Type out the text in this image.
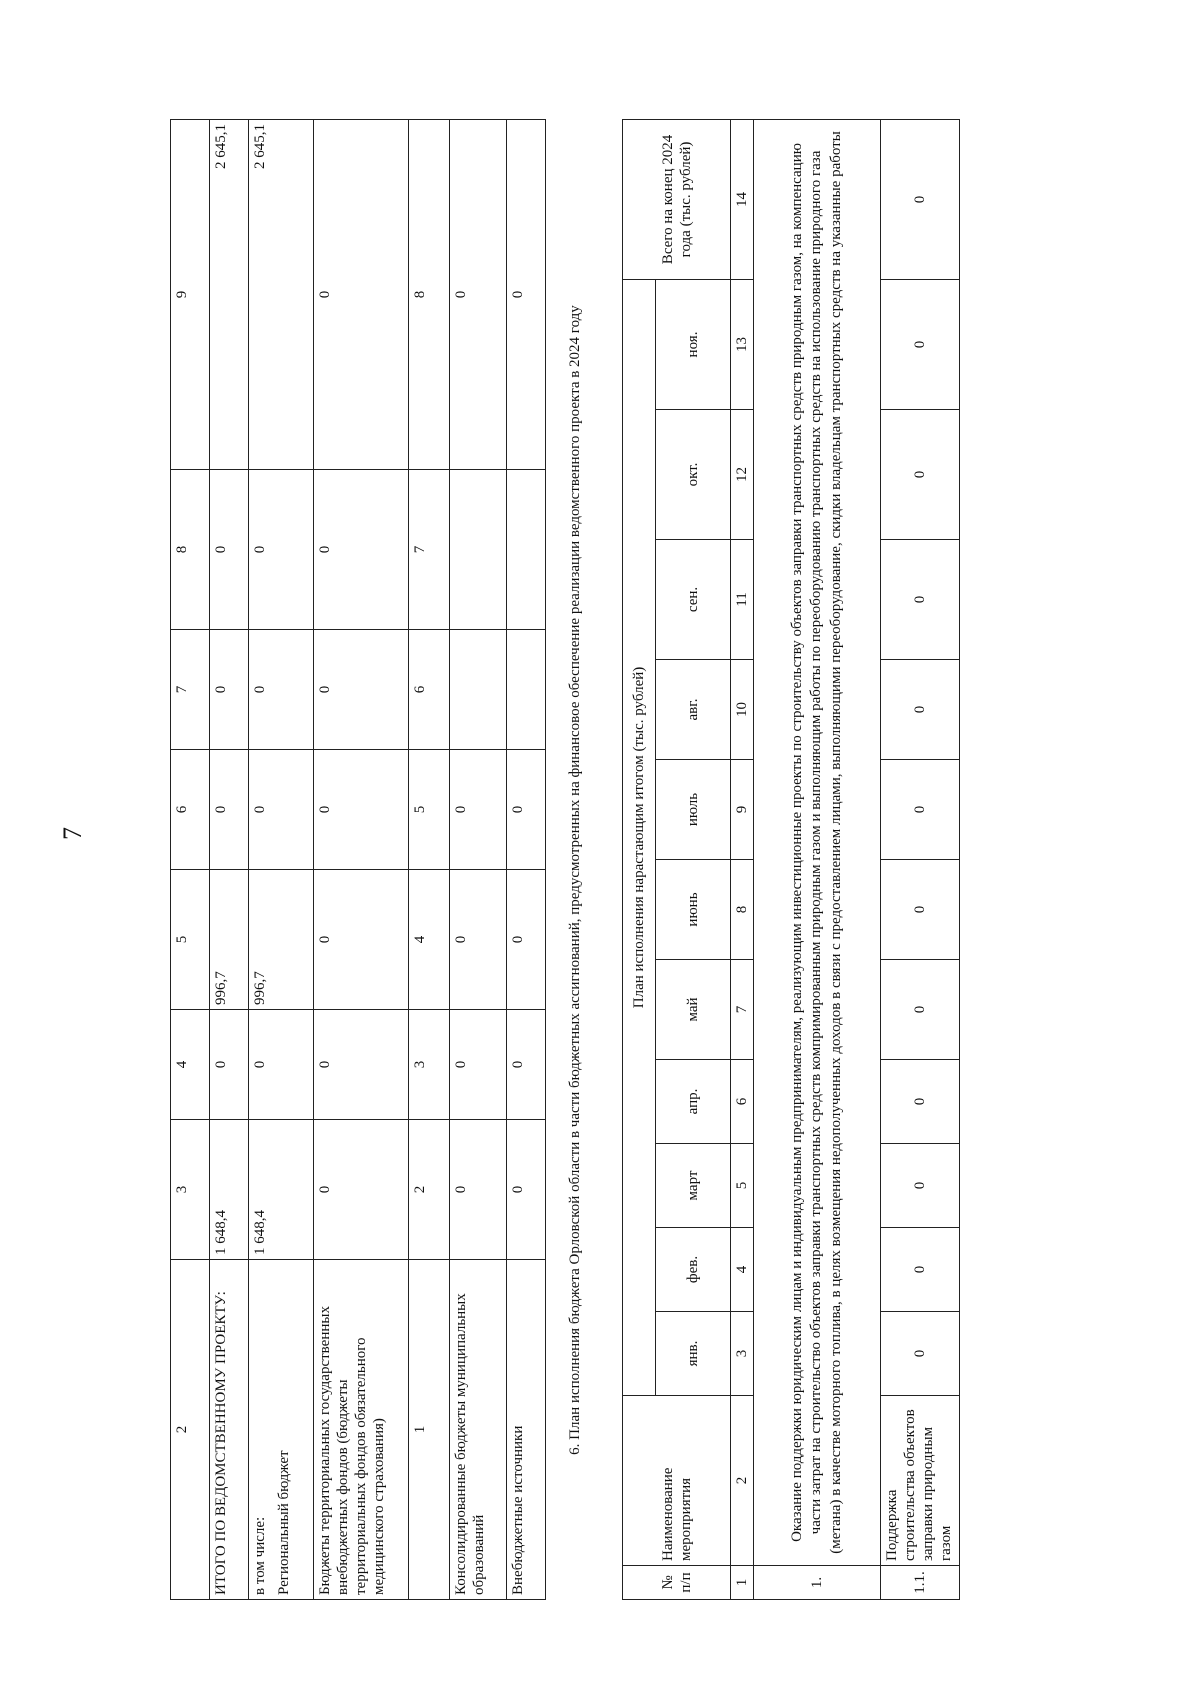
7
2	3	4	5	6	7	8	9
ИТОГО ПО ВЕДОМСТВЕННОМУ ПРОЕКТУ:	1 648,4	0	996,7	0	0	0	2 645,1

в том числе: Региональный бюджет	1 648,4	0	996,7	0	0	0	2 645,1
Бюджеты территориальных государственных внебюджетных фондов (бюджеты территориальных фондов обязательного медицинского страхования)	0	0	0	0	0	0	0
1	2	3	4	5	6	7	8
Консолидированные бюджеты муниципальных образований	0	0	0	0			0
Внебюджетные источники	0	0	0	0			0
6. План исполнения бюджета Орловской области в части бюджетных ассигнований, предусмотренных на финансовое обеспечение реализации ведомственного проекта в 2024 году
№ п/п	Наименование мероприятия	План исполнения нарастающим итогом (тыс. рублей)											Всего на конец 2024 года (тыс. рублей)
		янв.	фев.	март	апр.	май	июнь	июль	авг.	сен.	окт.	ноя.	
1	2	3	4	5	6	7	8	9	10	11	12	13	14
1.	Оказание поддержки юридическим лицам и индивидуальным предпринимателям, реализующим инвестиционные проекты по строительству объектов заправки транспортных средств природным газом, на компенсацию части затрат на строительство объектов заправки транспортных средств компримированным природным газом и выполняющим работы по переоборудованию транспортных средств на использование природного газа (метана) в качестве моторного топлива, в целях возмещения недополученных доходов в связи с предоставлением лицами, выполняющими переоборудование, скидки владельцам транспортных средств на указанные работы												
1.1.	Поддержка строительства объектов заправки природным газом	0	0	0	0	0	0	0	0	0	0	0	0
